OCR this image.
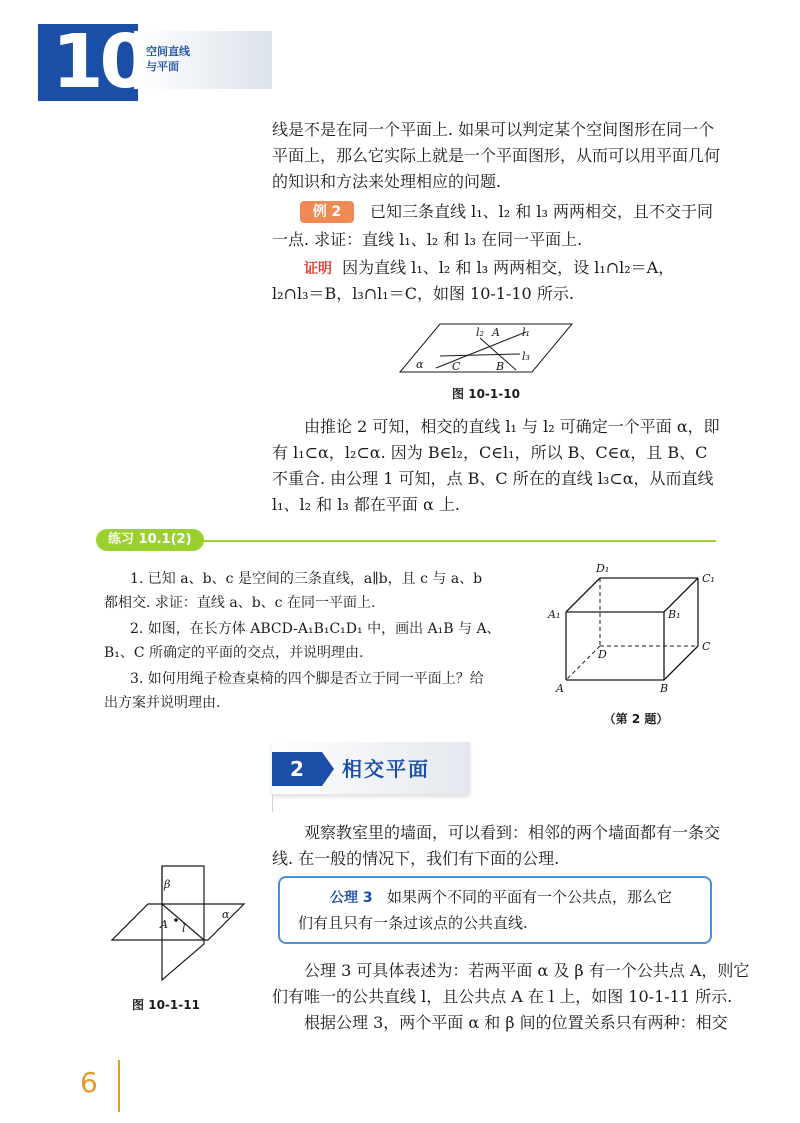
10 空间直线
与平面
线是不是在同一个平面上. 如果可以判定某个空间图形在同一个
平面上，那么它实际上就是一个平面图形，从而可以用平面几何
的知识和方法来处理相应的问题.
例 2	已知三条直线 l₁、l₂ 和 l₃ 两两相交，且不交于同
一点. 求证：直线 l₁、l₂ 和 l₃ 在同一平面上.
证明 因为直线 l₁、l₂ 和 l₃ 两两相交，设 l₁∩l₂＝A，
l₂∩l₃＝B，l₃∩l₁＝C，如图 10-1-10 所示.
l₂ A l₁
l₃
α	C	B
图 10-1-10
由推论 2 可知，相交的直线 l₁ 与 l₂ 可确定一个平面 α，即
有 l₁⊂α，l₂⊂α. 因为 B∈l₂，C∈l₁，所以 B、C∈α，且 B、C
不重合. 由公理 1 可知，点 B、C 所在的直线 l₃⊂α，从而直线
l₁、l₂ 和 l₃ 都在平面 α 上.
练习 10.1(2)
1. 已知 a、b、c 是空间的三条直线，a∥b，且 c 与 a、b
都相交. 求证：直线 a、b、c 在同一平面上.
2. 如图，在长方体 ABCD-A₁B₁C₁D₁ 中，画出 A₁B 与 A、
B₁、C 所确定的平面的交点，并说明理由.
3. 如何用绳子检查桌椅的四个脚是否立于同一平面上？给
出方案并说明理由.
D₁
C₁
A₁	B₁
D
C
A	B
（第 2 题）
2	相交平面
观察教室里的墙面，可以看到：相邻的两个墙面都有一条交
线. 在一般的情况下，我们有下面的公理.
β
α
A l
图 10-1-11
公理 3 如果两个不同的平面有一个公共点，那么它
们有且只有一条过该点的公共直线.
公理 3 可具体表述为：若两平面 α 及 β 有一个公共点 A，则它
们有唯一的公共直线 l，且公共点 A 在 l 上，如图 10-1-11 所示.
根据公理 3，两个平面 α 和 β 间的位置关系只有两种：相交
6
